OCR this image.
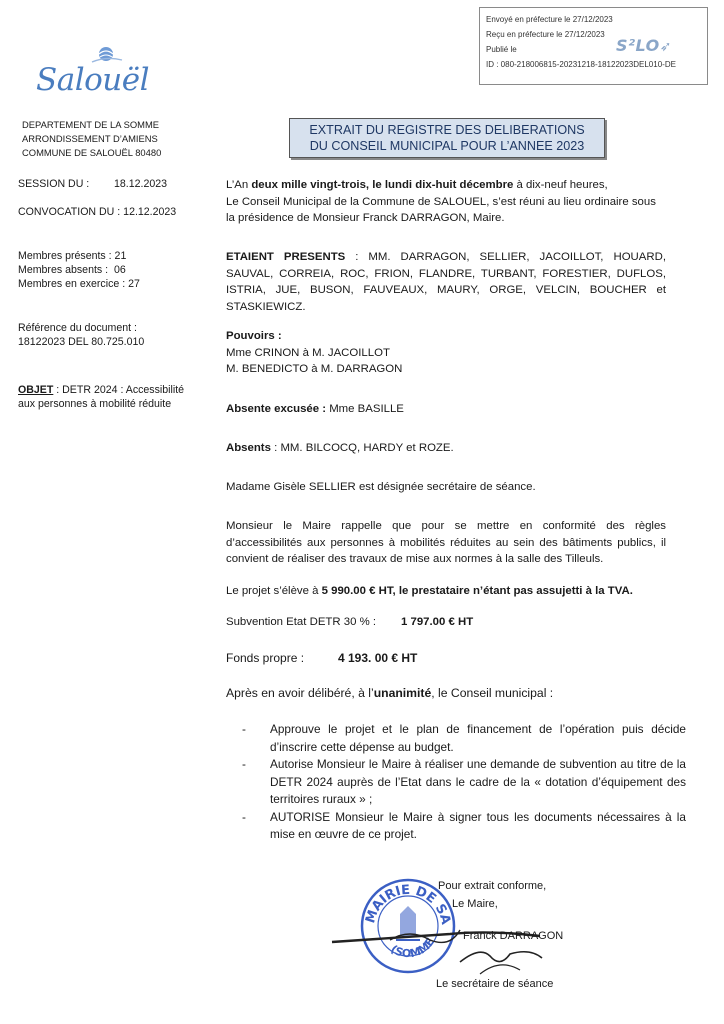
Envoyé en préfecture le 27/12/2023
Reçu en préfecture le 27/12/2023
Publié le
ID : 080-218006815-20231218-18122023DEL010-DE
S²LO➶
Salouël
DEPARTEMENT DE LA SOMME
ARRONDISSEMENT D’AMIENS
COMMUNE DE SALOUËL 80480
SESSION DU : 18.12.2023
CONVOCATION DU : 12.12.2023
Membres présents : 21
Membres absents : 06
Membres en exercice : 27
Référence du document :
18122023 DEL 80.725.010
OBJET : DETR 2024 : Accessibilité
aux personnes à mobilité réduite
EXTRAIT DU REGISTRE DES DELIBERATIONS
DU CONSEIL MUNICIPAL POUR L’ANNEE 2023
L’An deux mille vingt-trois, le lundi dix-huit décembre à dix-neuf heures,
Le Conseil Municipal de la Commune de SALOUEL, s’est réuni au lieu ordinaire sous
la présidence de Monsieur Franck DARRAGON, Maire.
ETAIENT PRESENTS : MM. DARRAGON, SELLIER, JACOILLOT, HOUARD, SAUVAL, CORREIA, ROC, FRION, FLANDRE, TURBANT, FORESTIER, DUFLOS, ISTRIA, JUE, BUSON, FAUVEAUX, MAURY, ORGE, VELCIN, BOUCHER et STASKIEWICZ.
Pouvoirs :
Mme CRINON à M. JACOILLOT
M. BENEDICTO à M. DARRAGON
Absente excusée : Mme BASILLE
Absents : MM. BILCOCQ, HARDY et ROZE.
Madame Gisèle SELLIER est désignée secrétaire de séance.
Monsieur le Maire rappelle que pour se mettre en conformité des règles d’accessibilités aux personnes à mobilités réduites au sein des bâtiments publics, il convient de réaliser des travaux de mise aux normes à la salle des Tilleuls.
Le projet s’élève à 5 990.00 € HT, le prestataire n’étant pas assujetti à la TVA.
Subvention Etat DETR 30 % : 1 797.00 € HT
Fonds propre :	4 193. 00 € HT
Après en avoir délibéré, à l’unanimité, le Conseil municipal :
- Approuve le projet et le plan de financement de l’opération puis décide d’inscrire cette dépense au budget.
- Autorise Monsieur le Maire à réaliser une demande de subvention au titre de la DETR 2024 auprès de l’Etat dans le cadre de la « dotation d’équipement des territoires ruraux » ;
- AUTORISE Monsieur le Maire à signer tous les documents nécessaires à la mise en œuvre de ce projet.
MAIRIE DE SA
(SOMME
Pour extrait conforme,
Le Maire,
Franck DARRAGON
Le secrétaire de séance
